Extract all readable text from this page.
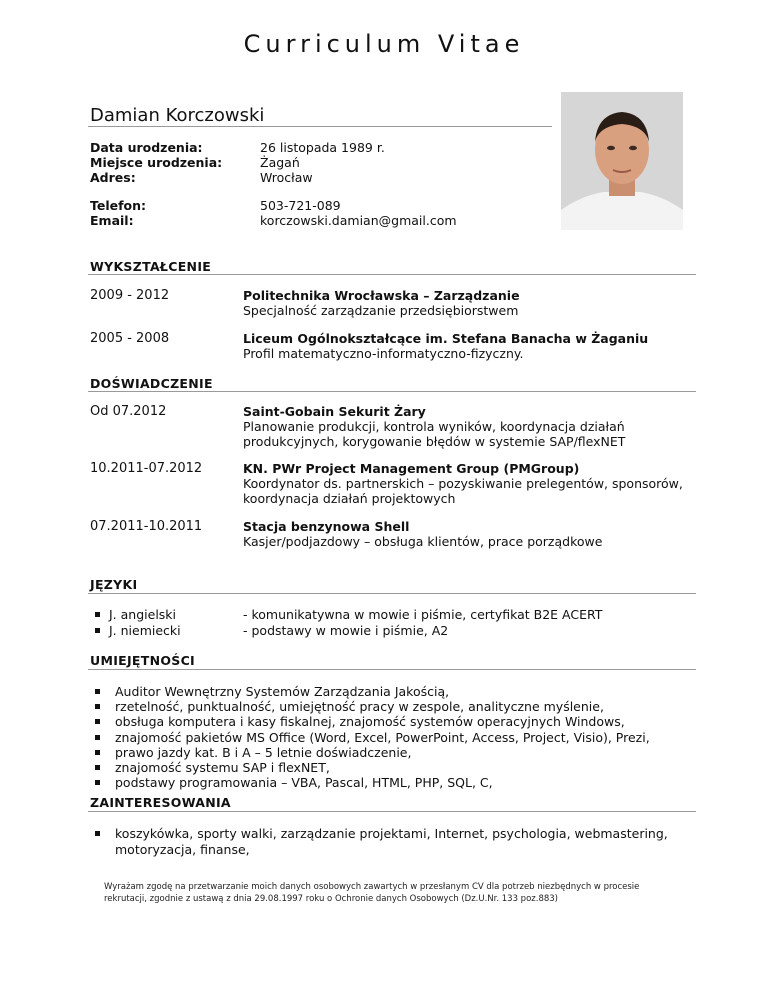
Curriculum Vitae
Damian Korczowski
Data urodzenia:	26 listopada 1989 r.
Miejsce urodzenia:	Żagań
Adres:	Wrocław
Telefon:	503-721-089
Email:	korczowski.damian@gmail.com
WYKSZTAŁCENIE
2009 - 2012	Politechnika Wrocławska – Zarządzanie
Specjalność zarządzanie przedsiębiorstwem
2005 - 2008	Liceum Ogólnokształcące im. Stefana Banacha w Żaganiu
Profil matematyczno-informatyczno-fizyczny.
DOŚWIADCZENIE
Od 07.2012	Saint-Gobain Sekurit Żary
Planowanie produkcji, kontrola wyników, koordynacja działań produkcyjnych, korygowanie błędów w systemie SAP/flexNET
10.2011-07.2012	KN. PWr Project Management Group (PMGroup)
Koordynator ds. partnerskich – pozyskiwanie prelegentów, sponsorów, koordynacja działań projektowych
07.2011-10.2011	Stacja benzynowa Shell
Kasjer/podjazdowy – obsługa klientów, prace porządkowe
JĘZYKI
J. angielski	- komunikatywna w mowie i piśmie, certyfikat B2E ACERT
J. niemiecki	- podstawy w mowie i piśmie, A2
UMIEJĘTNOŚCI
Auditor Wewnętrzny Systemów Zarządzania Jakością,
rzetelność, punktualność, umiejętność pracy w zespole, analityczne myślenie,
obsługa komputera i kasy fiskalnej, znajomość systemów operacyjnych Windows,
znajomość pakietów MS Office (Word, Excel, PowerPoint, Access, Project, Visio), Prezi,
prawo jazdy kat. B i A – 5 letnie doświadczenie,
znajomość systemu SAP i flexNET,
podstawy programowania – VBA, Pascal, HTML, PHP, SQL, C,
ZAINTERESOWANIA
koszykówka, sporty walki, zarządzanie projektami, Internet, psychologia, webmastering, motoryzacja, finanse,
Wyrażam zgodę na przetwarzanie moich danych osobowych zawartych w przesłanym CV dla potrzeb niezbędnych w procesie rekrutacji, zgodnie z ustawą z dnia 29.08.1997 roku o Ochronie danych Osobowych (Dz.U.Nr. 133 poz.883)
